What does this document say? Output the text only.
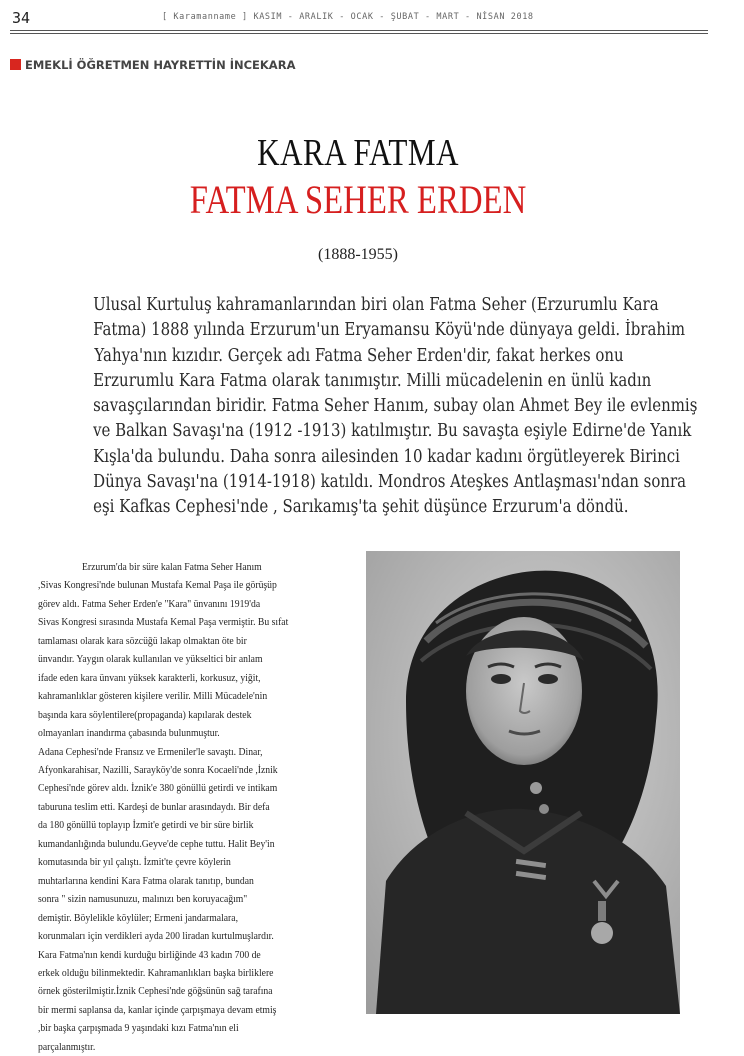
34	[ Karamanname ] KASIM - ARALIK - OCAK - ŞUBAT - MART - NİSAN 2018
EMEKLİ ÖĞRETMEN HAYRETTİN İNCEKARA
KARA FATMA
FATMA SEHER ERDEN
(1888-1955)
Ulusal Kurtuluş kahramanlarından biri olan Fatma Seher (Erzurumlu Kara
Fatma) 1888 yılında Erzurum'un Eryamansu Köyü'nde dünyaya geldi. İbrahim
Yahya'nın kızıdır. Gerçek adı Fatma Seher Erden'dir, fakat herkes onu
Erzurumlu Kara Fatma olarak tanımıştır. Milli mücadelenin en ünlü kadın
savaşçılarından biridir. Fatma Seher Hanım, subay olan Ahmet Bey ile evlenmiş
ve Balkan Savaşı'na (1912 -1913) katılmıştır. Bu savaşta eşiyle Edirne'de Yanık
Kışla'da bulundu. Daha sonra ailesinden 10 kadar kadını örgütleyerek Birinci
Dünya Savaşı'na (1914-1918) katıldı. Mondros Ateşkes Antlaşması'ndan sonra
eşi Kafkas Cephesi'nde , Sarıkamış'ta şehit düşünce Erzurum'a döndü.
Erzurum'da bir süre kalan Fatma Seher Hanım
,Sivas Kongresi'nde bulunan Mustafa Kemal Paşa ile görüşüp
görev aldı. Fatma Seher Erden'e "Kara" ünvanını 1919'da
Sivas Kongresi sırasında Mustafa Kemal Paşa vermiştir. Bu sıfat
tamlaması olarak kara sözcüğü lakap olmaktan öte bir
ünvandır. Yaygın olarak kullanılan ve yükseltici bir anlam
ifade eden kara ünvanı yüksek karakterli, korkusuz, yiğit,
kahramanlıklar gösteren kişilere verilir. Milli Mücadele'nin
başında kara söylentilere(propaganda) kapılarak destek
olmayanları inandırma çabasında bulunmuştur.
Adana Cephesi'nde Fransız ve Ermeniler'le savaştı. Dinar,
Afyonkarahisar, Nazilli, Sarayköy'de sonra Kocaeli'nde ,İznik
Cephesi'nde görev aldı. İznik'e 380 gönüllü getirdi ve intikam
taburuna teslim etti. Kardeşi de bunlar arasındaydı. Bir defa
da 180 gönüllü toplayıp İzmit'e getirdi ve bir süre birlik
kumandanlığında bulundu.Geyve'de cephe tuttu. Halit Bey'in
komutasında bir yıl çalıştı. İzmit'te çevre köylerin
muhtarlarına kendini Kara Fatma olarak tanıtıp, bundan
sonra " sizin namusunuzu, malınızı ben koruyacağım"
demiştir. Böylelikle köylüler; Ermeni jandarmalara,
korunmaları için verdikleri ayda 200 liradan kurtulmuşlardır.
Kara Fatma'nın kendi kurduğu birliğinde 43 kadın 700 de
erkek olduğu bilinmektedir. Kahramanlıkları başka birliklere
örnek gösterilmiştir.İznik Cephesi'nde göğsünün sağ tarafına
bir mermi saplansa da, kanlar içinde çarpışmaya devam etmiş
,bir başka çarpışmada 9 yaşındaki kızı Fatma'nın eli
parçalanmıştır.
